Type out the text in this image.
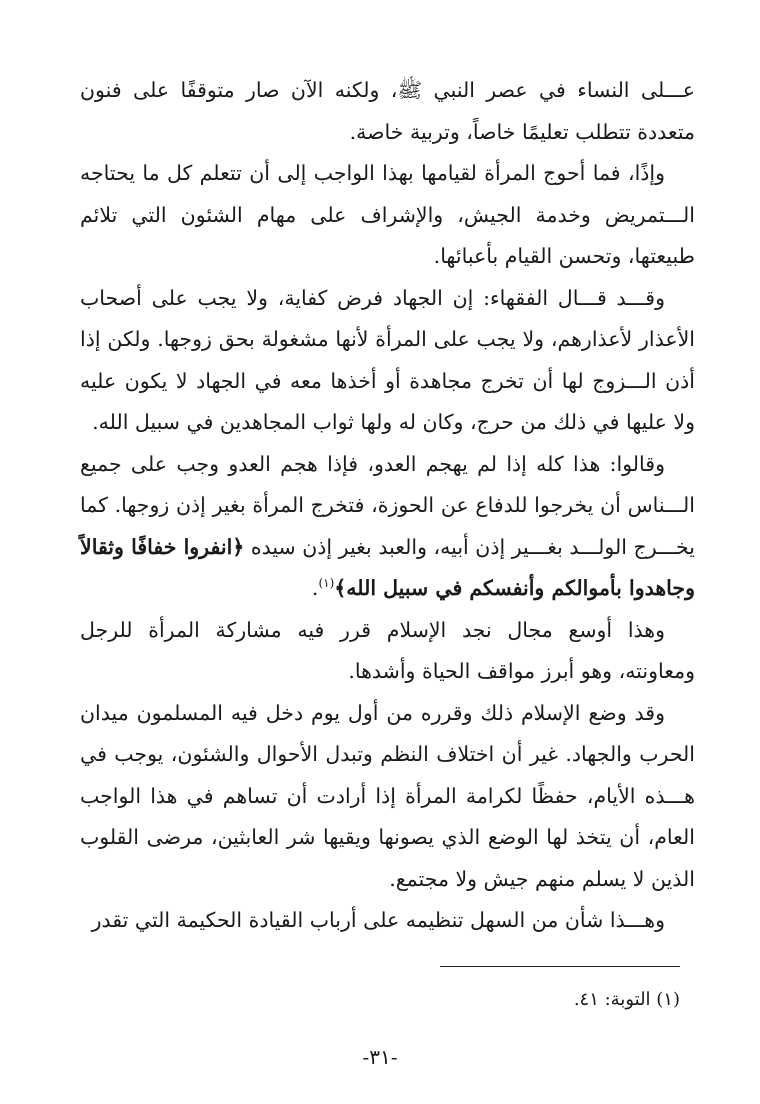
عـــلى النساء في عصر النبي ﷺ، ولكنه الآن صار متوقفًا على فنون متعددة تتطلب تعليمًا خاصاً، وتربية خاصة.

وإذًا، فما أحوج المرأة لقيامها بهذا الواجب إلى أن تتعلم كل ما يحتاجه الـــتمريض وخدمة الجيش، والإشراف على مهام الشئون التي تلائم طبيعتها، وتحسن القيام بأعبائها.

وقـــد قـــال الفقهاء: إن الجهاد فرض كفاية، ولا يجب على أصحاب الأعذار لأعذارهم، ولا يجب على المرأة لأنها مشغولة بحق زوجها. ولكن إذا أذن الـــزوج لها أن تخرج مجاهدة أو أخذها معه في الجهاد لا يكون عليه ولا عليها في ذلك من حرج، وكان له ولها ثواب المجاهدين في سبيل الله.

وقالوا: هذا كله إذا لم يهجم العدو، فإذا هجم العدو وجب على جميع الـــناس أن يخرجوا للدفاع عن الحوزة، فتخرج المرأة بغير إذن زوجها. كما يخـــرج الولـــد بغـــير إذن أبيه، والعبد بغير إذن سيده ﴿انفروا خفافًا وثقالاً وجاهدوا بأموالكم وأنفسكم في سبيل الله﴾$^{(١)}$.

وهذا أوسع مجال نجد الإسلام قرر فيه مشاركة المرأة للرجل ومعاونته، وهو أبرز مواقف الحياة وأشدها.

وقد وضع الإسلام ذلك وقرره من أول يوم دخل فيه المسلمون ميدان الحرب والجهاد. غير أن اختلاف النظم وتبدل الأحوال والشئون، يوجب في هـــذه الأيام، حفظًا لكرامة المرأة إذا أرادت أن تساهم في هذا الواجب العام، أن يتخذ لها الوضع الذي يصونها ويقيها شر العابثين، مرضى القلوب الذين لا يسلم منهم جيش ولا مجتمع.

وهـــذا شأن من السهل تنظيمه على أرباب القيادة الحكيمة التي تقدر

(١) التوبة: ٤١.
-٣١-
